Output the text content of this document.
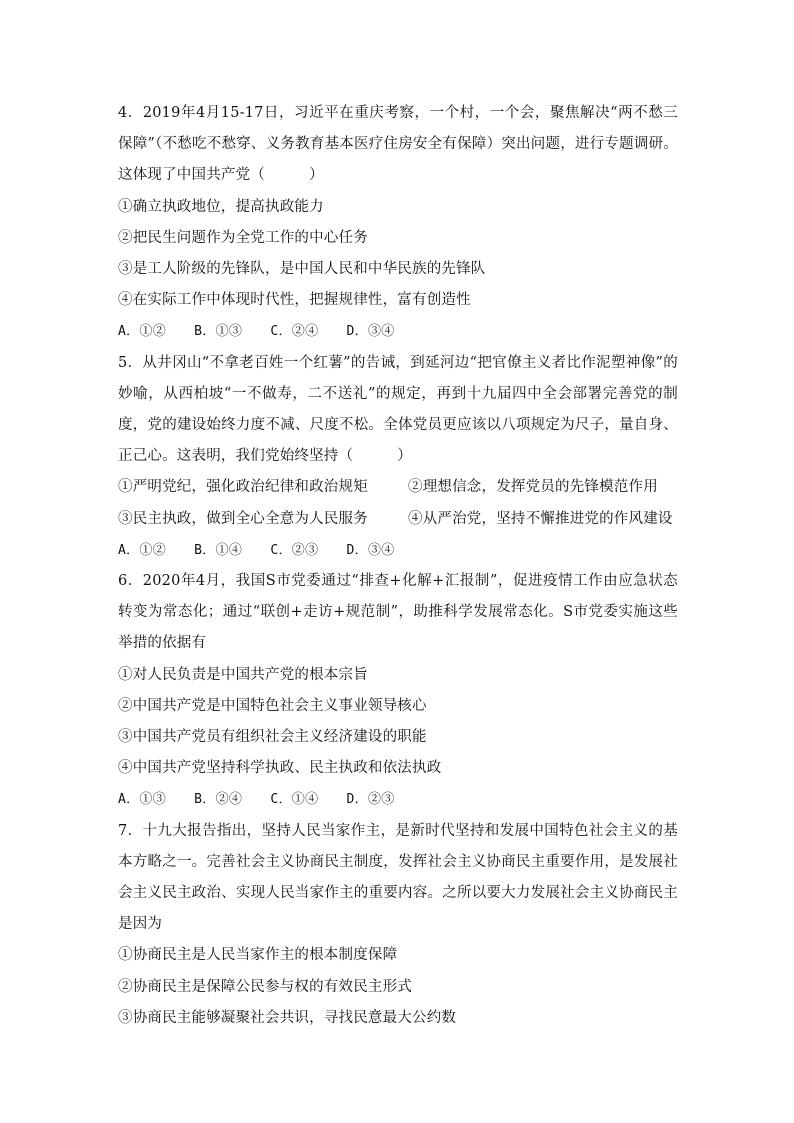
4．2019年4月15-17日，习近平在重庆考察，一个村，一个会，聚焦解决“两不愁三保障”（不愁吃不愁穿、义务教育基本医疗住房安全有保障）突出问题，进行专题调研。这体现了中国共产党（　　　）

①确立执政地位，提高执政能力
②把民生问题作为全党工作的中心任务
③是工人阶级的先锋队，是中国人民和中华民族的先锋队
④在实际工作中体现时代性，把握规律性，富有创造性
A．①② B．①③ C．②④ D．③④

5．从井冈山“不拿老百姓一个红薯”的告诫，到延河边“把官僚主义者比作泥塑神像”的妙喻，从西柏坡“一不做寿，二不送礼”的规定，再到十九届四中全会部署完善党的制度，党的建设始终力度不减、尺度不松。全体党员更应该以八项规定为尺子，量自身、正己心。这表明，我们党始终坚持（　　　）

①严明党纪，强化政治纪律和政治规矩	②理想信念，发挥党员的先锋模范作用
③民主执政，做到全心全意为人民服务	④从严治党，坚持不懈推进党的作风建设
A．①② B．①④ C．②③ D．③④

6．2020年4月，我国S市党委通过“排查+化解+汇报制”，促进疫情工作由应急状态转变为常态化；通过“联创+走访+规范制”，助推科学发展常态化。S市党委实施这些举措的依据有

①对人民负责是中国共产党的根本宗旨
②中国共产党是中国特色社会主义事业领导核心
③中国共产党员有组织社会主义经济建设的职能
④中国共产党坚持科学执政、民主执政和依法执政
A．①③ B．②④ C．①④ D．②③

7．十九大报告指出，坚持人民当家作主，是新时代坚持和发展中国特色社会主义的基本方略之一。完善社会主义协商民主制度，发挥社会主义协商民主重要作用，是发展社会主义民主政治、实现人民当家作主的重要内容。之所以要大力发展社会主义协商民主是因为

①协商民主是人民当家作主的根本制度保障
②协商民主是保障公民参与权的有效民主形式
③协商民主能够凝聚社会共识，寻找民意最大公约数
